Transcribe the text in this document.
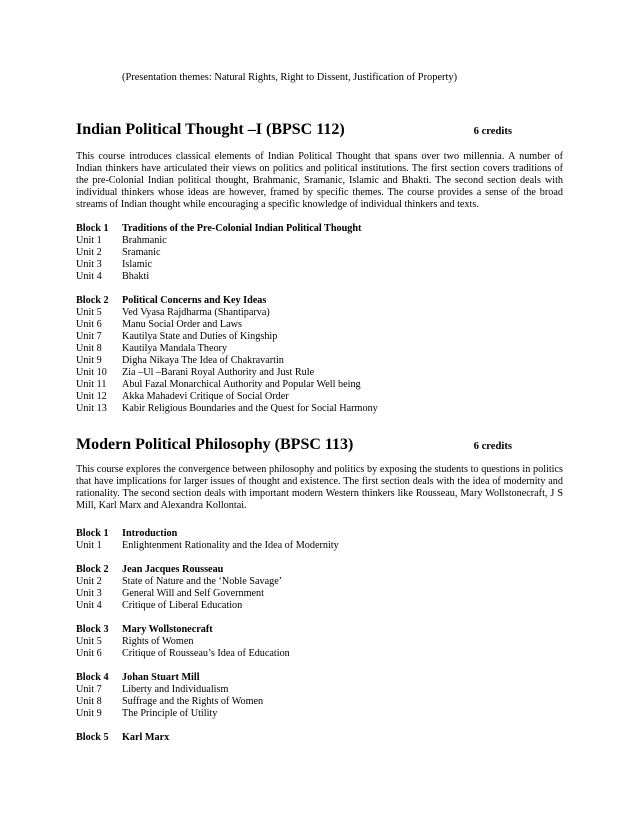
(Presentation themes: Natural Rights, Right to Dissent, Justification of Property)
Indian Political Thought –I (BPSC 112)	6 credits

This course introduces classical elements of Indian Political Thought that spans over two millennia. A number of Indian thinkers have articulated their views on politics and political institutions. The first section covers traditions of the pre-Colonial Indian political thought, Brahmanic, Sramanic, Islamic and Bhakti. The second section deals with individual thinkers whose ideas are however, framed by specific themes. The course provides a sense of the broad streams of Indian thought while encouraging a specific knowledge of individual thinkers and texts.

Block 1	Traditions of the Pre-Colonial Indian Political Thought
Unit 1	Brahmanic
Unit 2	Sramanic
Unit 3	Islamic
Unit 4	Bhakti
Block 2	Political Concerns and Key Ideas
Unit 5	Ved Vyasa Rajdharma (Shantiparva)
Unit 6	Manu Social Order and Laws
Unit 7	Kautilya State and Duties of Kingship
Unit 8	Kautilya Mandala Theory
Unit 9	Digha Nikaya The Idea of Chakravartin
Unit 10	Zia –Ul –Barani Royal Authority and Just Rule
Unit 11	Abul Fazal Monarchical Authority and Popular Well being
Unit 12	Akka Mahadevi Critique of Social Order
Unit 13	Kabir Religious Boundaries and the Quest for Social Harmony
Modern Political Philosophy (BPSC 113)	6 credits

This course explores the convergence between philosophy and politics by exposing the students to questions in politics that have implications for larger issues of thought and existence. The first section deals with the idea of modernity and rationality. The second section deals with important modern Western thinkers like Rousseau, Mary Wollstonecraft, J S Mill, Karl Marx and Alexandra Kollontai.

Block 1	Introduction
Unit 1	Enlightenment Rationality and the Idea of Modernity
Block 2	Jean Jacques Rousseau
Unit 2	State of Nature and the ‘Noble Savage’
Unit 3	General Will and Self Government
Unit 4	Critique of Liberal Education
Block 3	Mary Wollstonecraft
Unit 5	Rights of Women
Unit 6	Critique of Rousseau’s Idea of Education
Block 4	Johan Stuart Mill
Unit 7	Liberty and Individualism
Unit 8	Suffrage and the Rights of Women
Unit 9	The Principle of Utility
Block 5	Karl Marx
